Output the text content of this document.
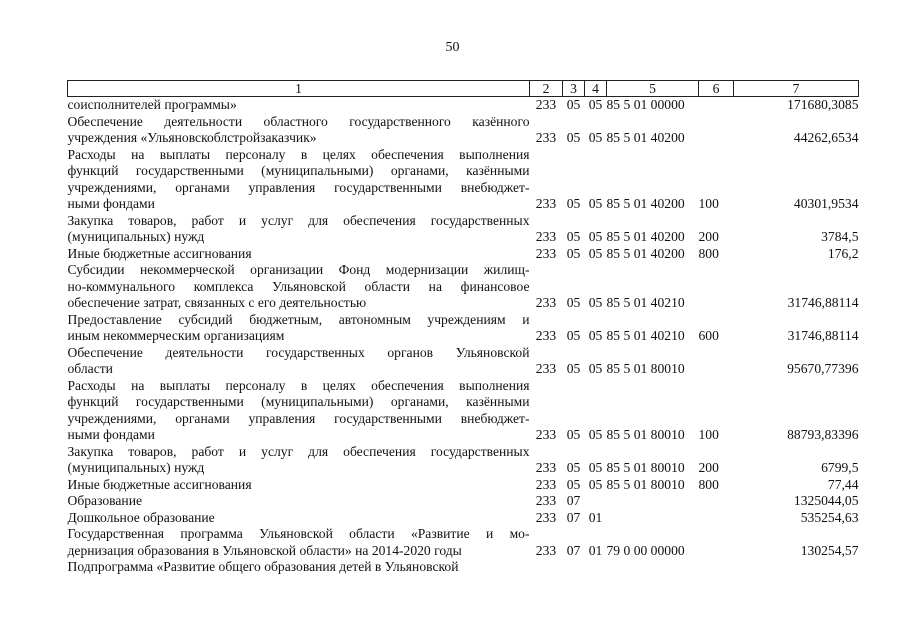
50
1	2	3	4	5	6	7

соисполнителей программы»	233	05	05	85 5 01 00000		171680,3085

Обеспечение деятельности областного государственного казённого
учреждения «Ульяновскоблстройзаказчик»	233	05	05	85 5 01 40200		44262,6534

Расходы на выплаты персоналу в целях обеспечения выполнения
функций государственными (муниципальными) органами, казёнными
учреждениями, органами управления государственными внебюджет-
ными фондами	233	05	05	85 5 01 40200	100	40301,9534

Закупка товаров, работ и услуг для обеспечения государственных
(муниципальных) нужд	233	05	05	85 5 01 40200	200	3784,5

Иные бюджетные ассигнования	233	05	05	85 5 01 40200	800	176,2

Субсидии некоммерческой организации Фонд модернизации жилищ-
но-коммунального комплекса Ульяновской области на финансовое
обеспечение затрат, связанных с его деятельностью	233	05	05	85 5 01 40210		31746,88114

Предоставление субсидий бюджетным, автономным учреждениям и
иным некоммерческим организациям	233	05	05	85 5 01 40210	600	31746,88114

Обеспечение деятельности государственных органов Ульяновской
области	233	05	05	85 5 01 80010		95670,77396

Расходы на выплаты персоналу в целях обеспечения выполнения
функций государственными (муниципальными) органами, казёнными
учреждениями, органами управления государственными внебюджет-
ными фондами	233	05	05	85 5 01 80010	100	88793,83396

Закупка товаров, работ и услуг для обеспечения государственных
(муниципальных) нужд	233	05	05	85 5 01 80010	200	6799,5

Иные бюджетные ассигнования	233	05	05	85 5 01 80010	800	77,44

Образование	233	07				1325044,05

Дошкольное образование	233	07	01			535254,63

Государственная программа Ульяновской области «Развитие и мо-
дернизация образования в Ульяновской области» на 2014-2020 годы	233	07	01	79 0 00 00000		130254,57

Подпрограмма «Развитие общего образования детей в Ульяновской						
